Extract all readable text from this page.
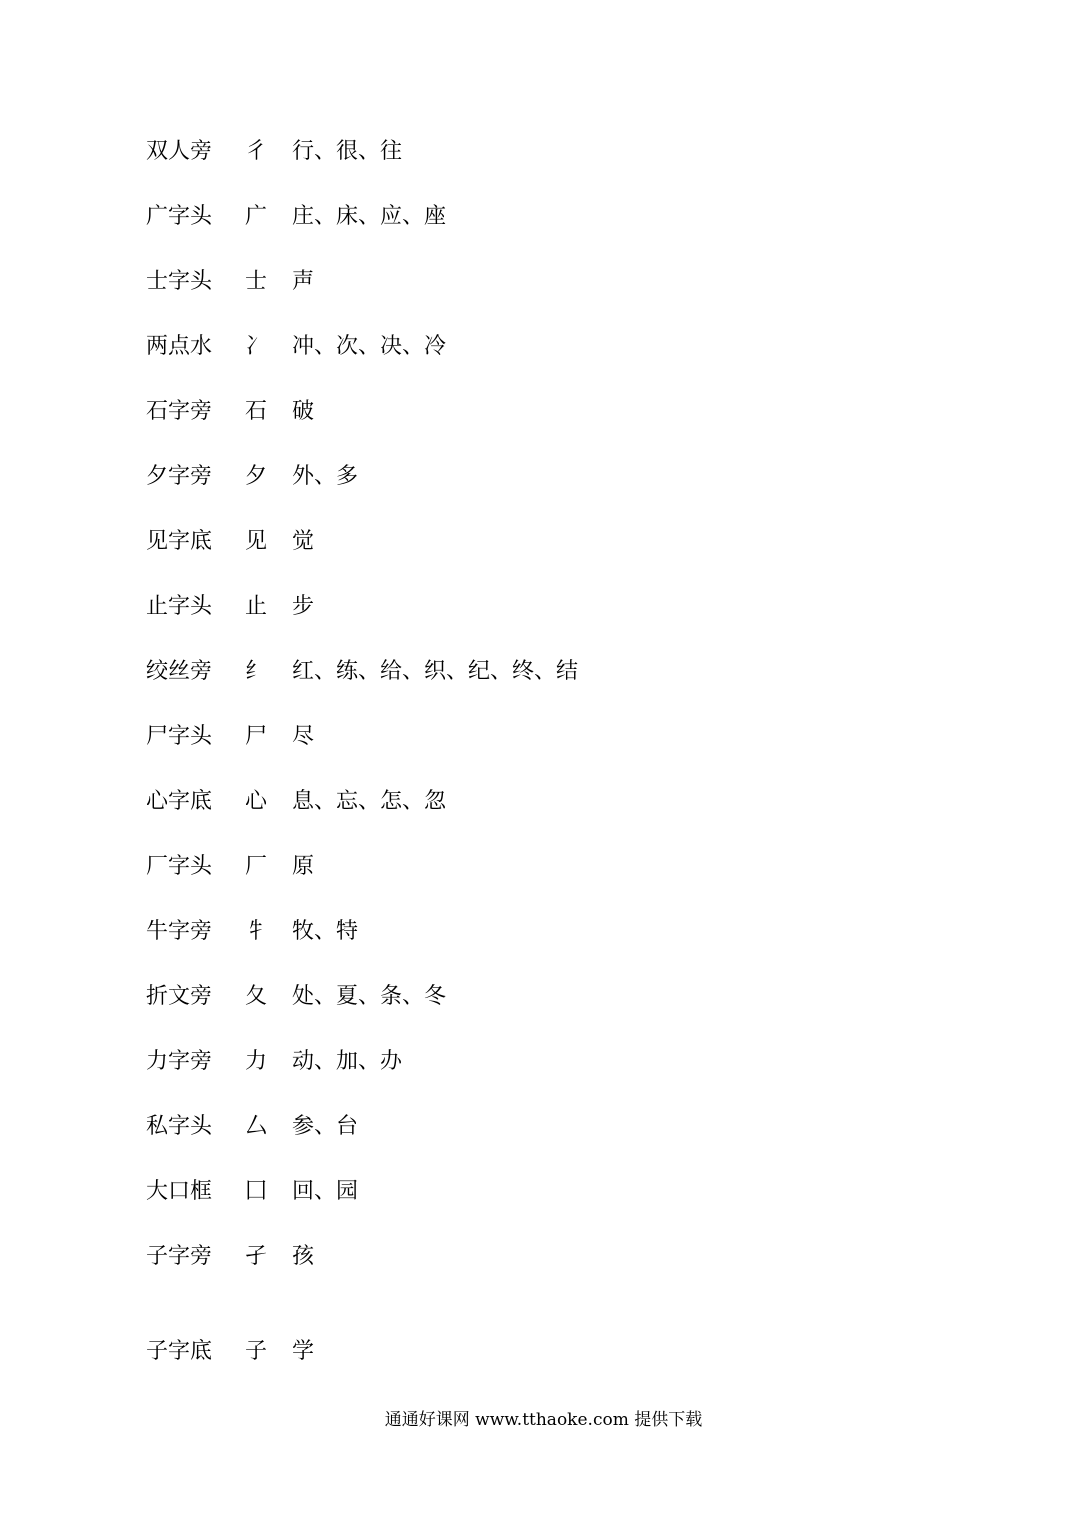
双人旁 彳 行、很、往
广字头 广 庄、床、应、座
士字头 士 声
两点水 冫 冲、次、决、冷
石字旁 石 破
夕字旁 夕 外、多
见字底 见 觉
止字头 止 步
绞丝旁 纟 红、练、给、织、纪、终、结
尸字头 尸 尽
心字底 心 息、忘、怎、忽
厂字头 厂 原
牛字旁 牜 牧、特
折文旁 夂 处、夏、条、冬
力字旁 力 动、加、办
私字头 厶 参、台
大口框 囗 回、园
子字旁 孑 孩
子字底 子 学
通通好课网 www.tthaoke.com 提供下载
